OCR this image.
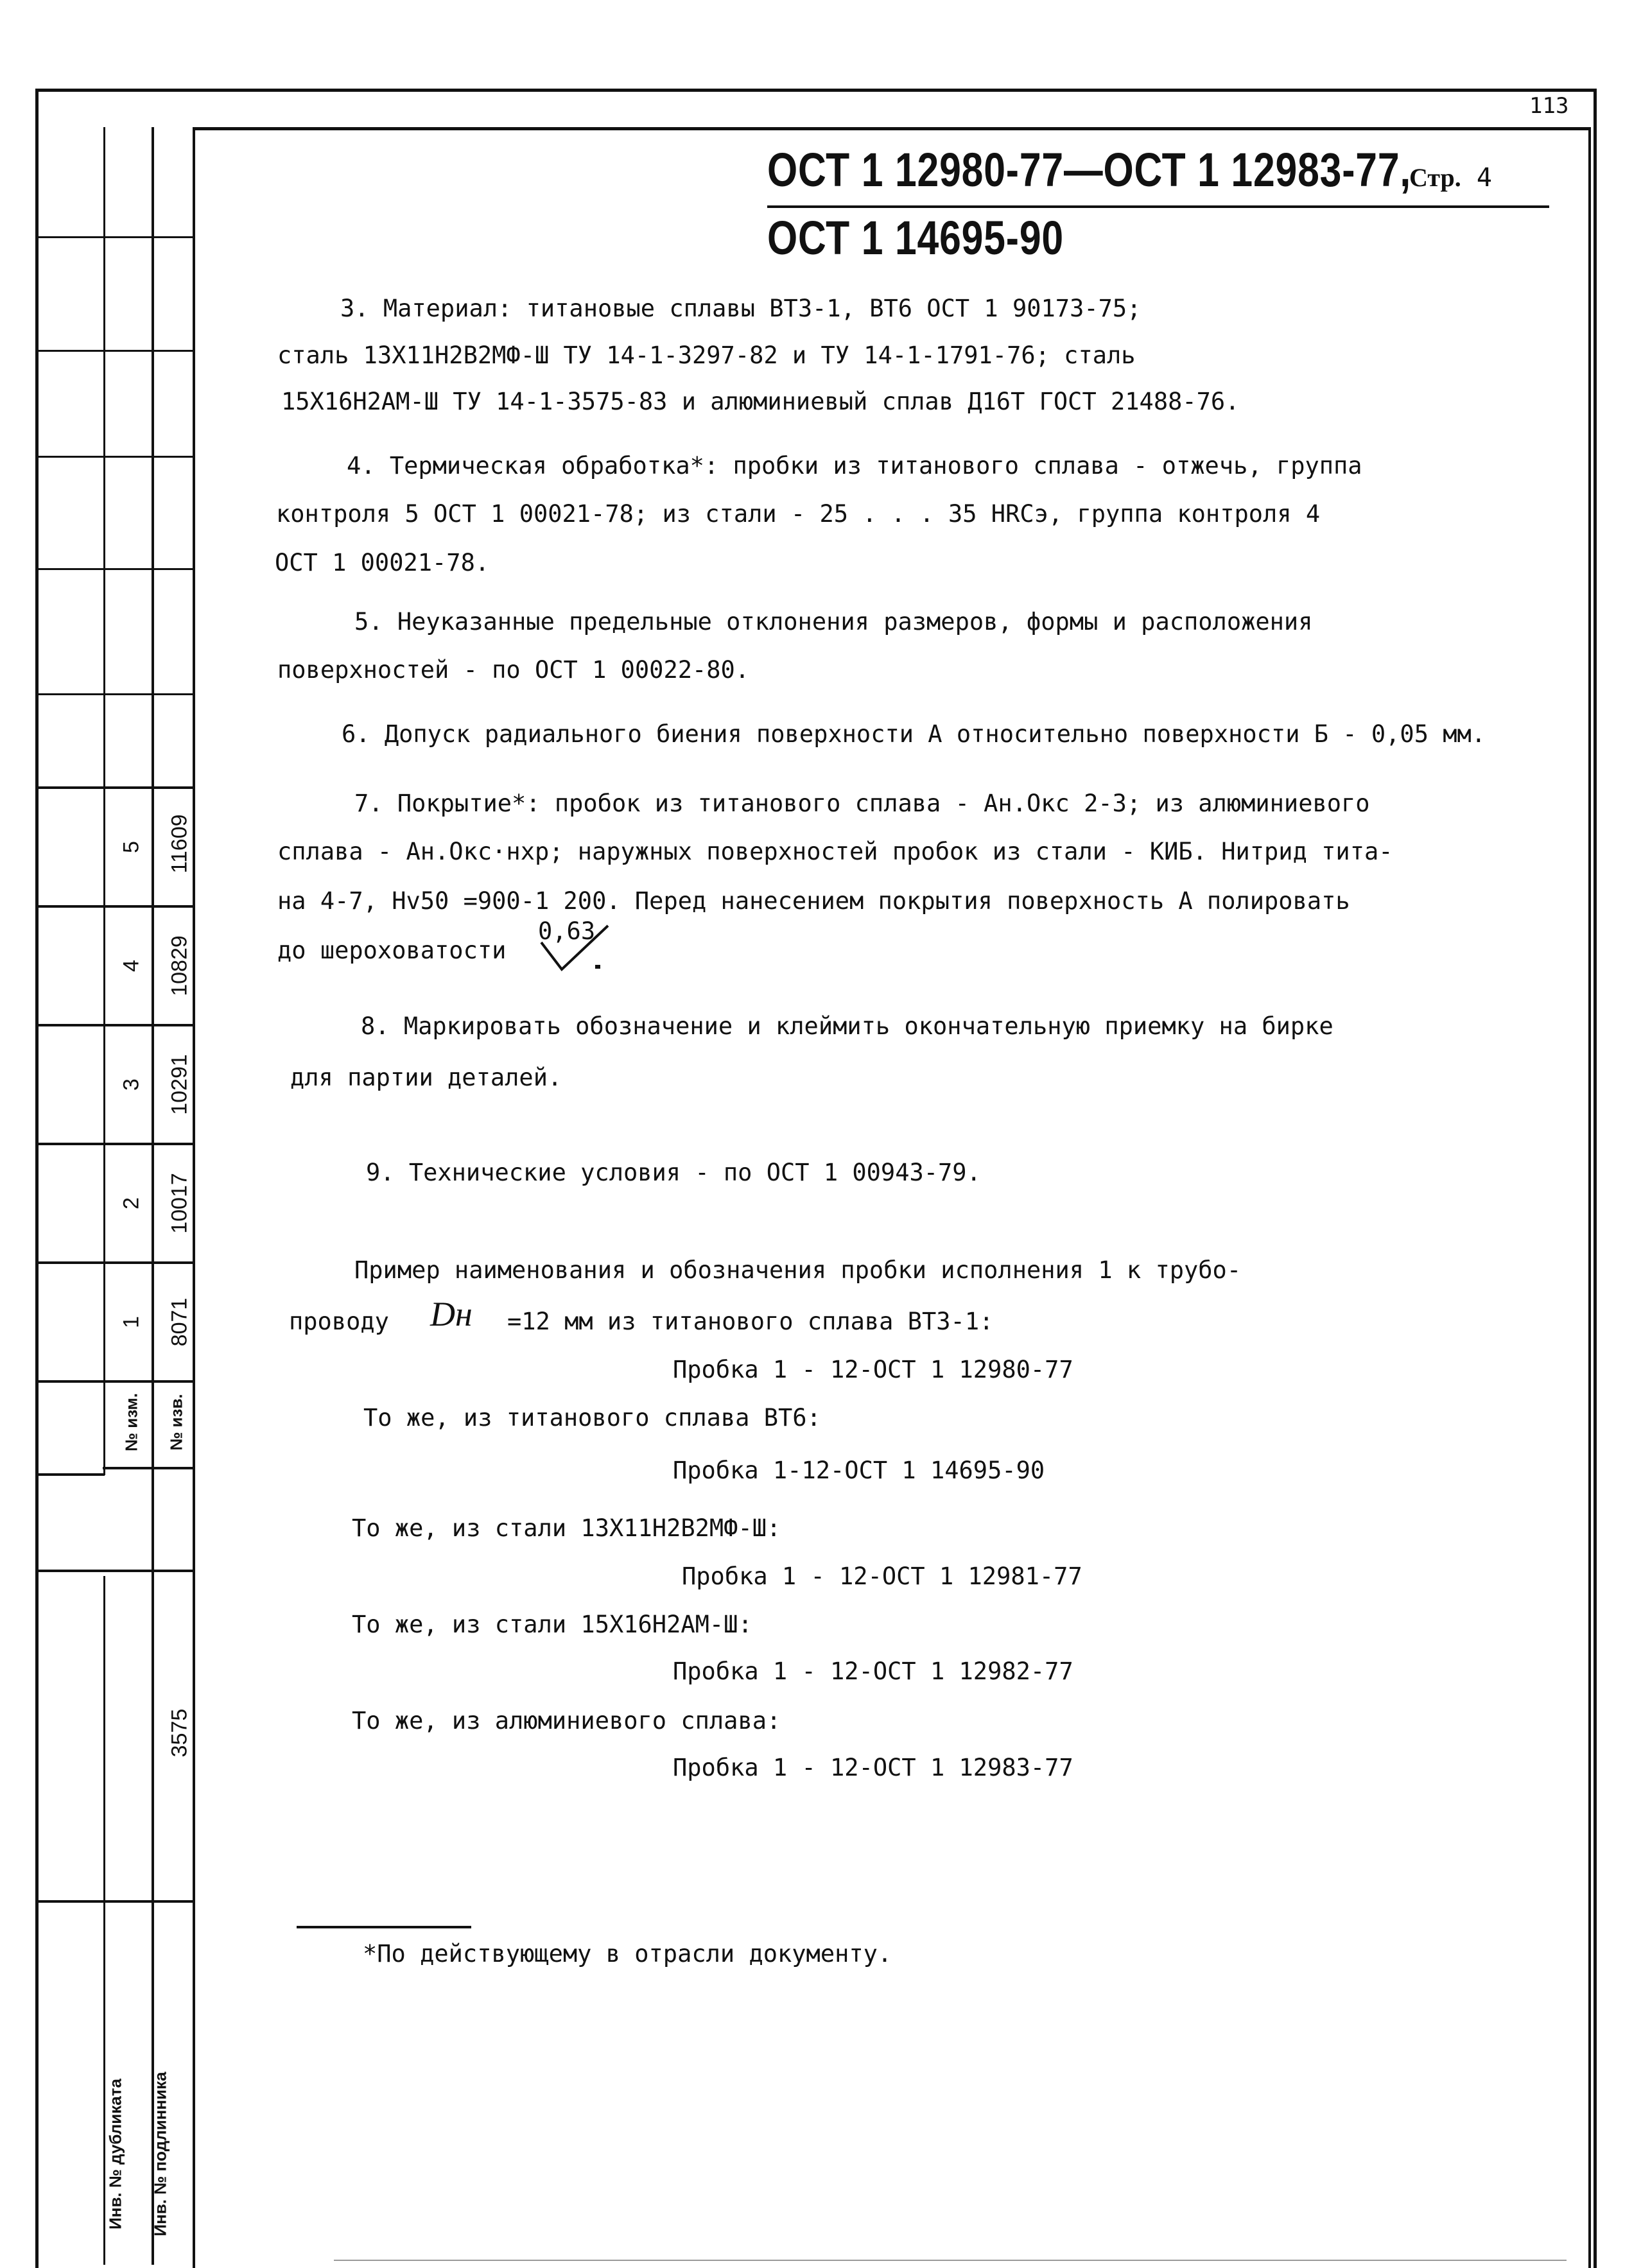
113
5 11609
4 10829
3 10291
2 10017
1 8071
№ изм. № изв.
3575
Инв. № дубликата Инв. № подлинника
ОСТ 1 12980-77—ОСТ 1 12983-77,
Стр. 4
ОСТ 1 14695-90
3. Материал: титановые сплавы ВТ3-1, ВТ6 ОСТ 1 90173-75;
сталь 13Х11Н2В2МФ-Ш ТУ 14-1-3297-82 и ТУ 14-1-1791-76; сталь
15Х16Н2АМ-Ш ТУ 14-1-3575-83 и алюминиевый сплав Д16Т ГОСТ 21488-76.
4. Термическая обработка*: пробки из титанового сплава - отжечь, группа
контроля 5 ОСТ 1 00021-78; из стали - 25 . . . 35 HRCэ, группа контроля 4
ОСТ 1 00021-78.
5. Неуказанные предельные отклонения размеров, формы и расположения
поверхностей - по ОСТ 1 00022-80.
6. Допуск радиального биения поверхности А относительно поверхности Б - 0,05 мм.
7. Покрытие*: пробок из титанового сплава - Ан.Окс 2-3; из алюминиевого
сплава - Ан.Окс·нхр; наружных поверхностей пробок из стали - КИБ. Нитрид тита-
на 4-7, Hv50 =900-1 200. Перед нанесением покрытия поверхность А полировать
до шероховатости
0,63
8. Маркировать обозначение и клеймить окончательную приемку на бирке
для партии деталей.
9. Технические условия - по ОСТ 1 00943-79.
Пример наименования и обозначения пробки исполнения 1 к трубо-
проводу Dн =12 мм из титанового сплава ВТ3-1:
Пробка 1 - 12-ОСТ 1 12980-77
То же, из титанового сплава ВТ6:
Пробка 1-12-ОСТ 1 14695-90
То же, из стали 13Х11Н2В2МФ-Ш:
Пробка 1 - 12-ОСТ 1 12981-77
То же, из стали 15Х16Н2АМ-Ш:
Пробка 1 - 12-ОСТ 1 12982-77
То же, из алюминиевого сплава:
Пробка 1 - 12-ОСТ 1 12983-77
*По действующему в отрасли документу.
